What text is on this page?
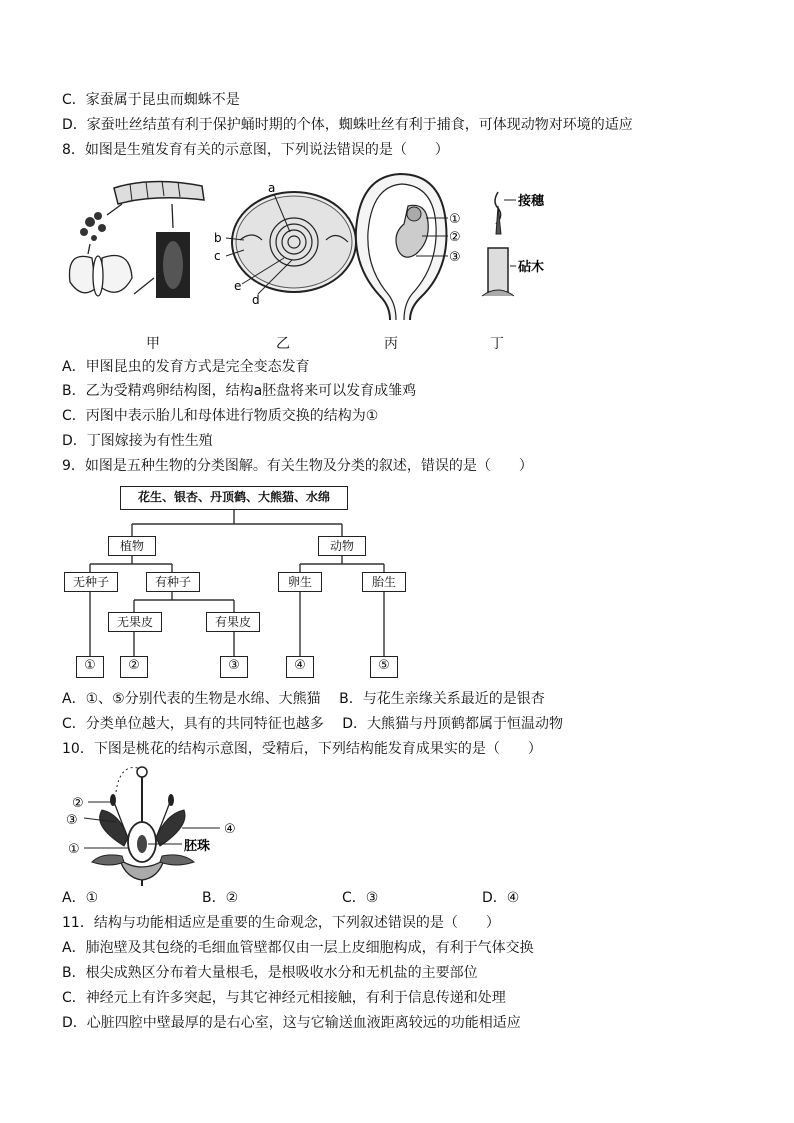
C．家蚕属于昆虫而蜘蛛不是
D．家蚕吐丝结茧有利于保护蛹时期的个体，蜘蛛吐丝有利于捕食，可体现动物对环境的适应
8．如图是生殖发育有关的示意图，下列说法错误的是（　　）
甲
a
b
c
e
d
乙
①
②
③
丙
接穗
砧木
丁
A．甲图昆虫的发育方式是完全变态发育
B．乙为受精鸡卵结构图，结构a胚盘将来可以发育成雏鸡
C．丙图中表示胎儿和母体进行物质交换的结构为①
D．丁图嫁接为有性生殖
9．如图是五种生物的分类图解。有关生物及分类的叙述，错误的是（　　）
花生、银杏、丹顶鹤、大熊猫、水绵
植物	动物
无种子	有种子	卵生	胎生
无果皮	有果皮
①	②	③	④	⑤
A．①、⑤分别代表的生物是水绵、大熊猫　 B．与花生亲缘关系最近的是银杏
C．分类单位越大，具有的共同特征也越多　 D．大熊猫与丹顶鹤都属于恒温动物
10．下图是桃花的结构示意图，受精后，下列结构能发育成果实的是（　　）
②
③
①
④
胚珠
A．①	B．②	C．③	D．④
11．结构与功能相适应是重要的生命观念，下列叙述错误的是（　　）
A．肺泡壁及其包绕的毛细血管壁都仅由一层上皮细胞构成，有利于气体交换
B．根尖成熟区分布着大量根毛，是根吸收水分和无机盐的主要部位
C．神经元上有许多突起，与其它神经元相接触，有利于信息传递和处理
D．心脏四腔中壁最厚的是右心室，这与它输送血液距离较远的功能相适应
